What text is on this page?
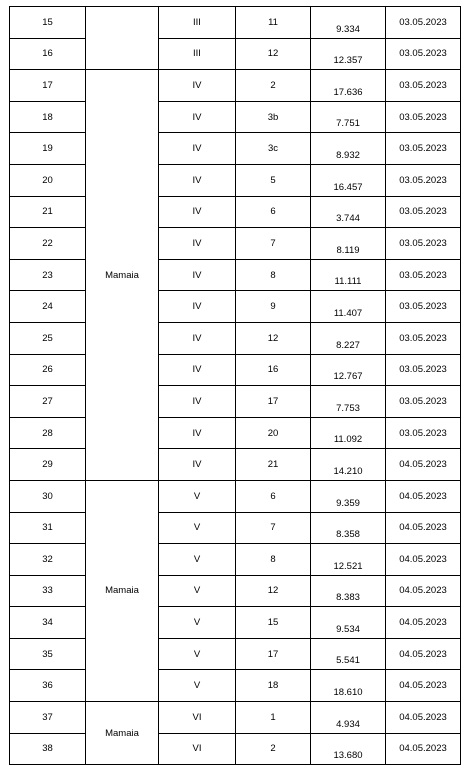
15		III	11	9.334	03.05.2023
16		III	12	12.357	03.05.2023
17	Mamaia	IV	2	17.636	03.05.2023
18		IV	3b	7.751	03.05.2023
19		IV	3c	8.932	03.05.2023
20		IV	5	16.457	03.05.2023
21		IV	6	3.744	03.05.2023
22		IV	7	8.119	03.05.2023
23		IV	8	11.111	03.05.2023
24		IV	9	11.407	03.05.2023
25		IV	12	8.227	03.05.2023
26		IV	16	12.767	03.05.2023
27		IV	17	7.753	03.05.2023
28		IV	20	11.092	03.05.2023
29		IV	21	14.210	04.05.2023
30	Mamaia	V	6	9.359	04.05.2023
31		V	7	8.358	04.05.2023
32		V	8	12.521	04.05.2023
33		V	12	8.383	04.05.2023
34		V	15	9.534	04.05.2023
35		V	17	5.541	04.05.2023
36		V	18	18.610	04.05.2023
37	Mamaia	VI	1	4.934	04.05.2023
38		VI	2	13.680	04.05.2023
